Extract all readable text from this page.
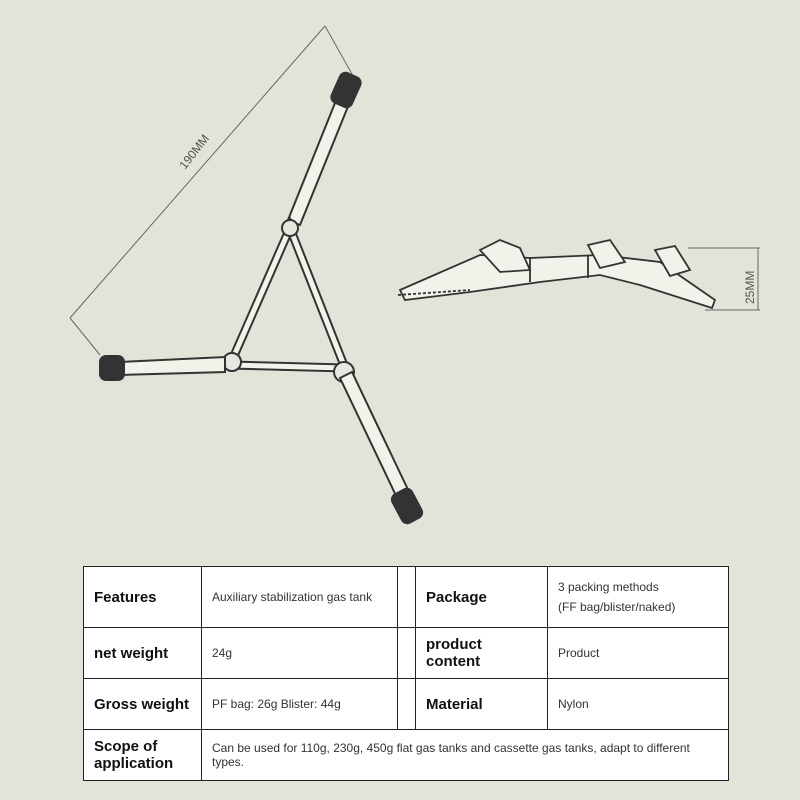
190MM
25MM
Features	Auxiliary stabilization gas tank		Package	3 packing methods
(FF bag/blister/naked)

net weight	24g		product content	Product
Gross weight	PF bag: 26g Blister: 44g		Material	Nylon

Scope of
application	Can be used for 110g, 230g, 450g flat gas tanks and cassette gas tanks, adapt to different types.			
